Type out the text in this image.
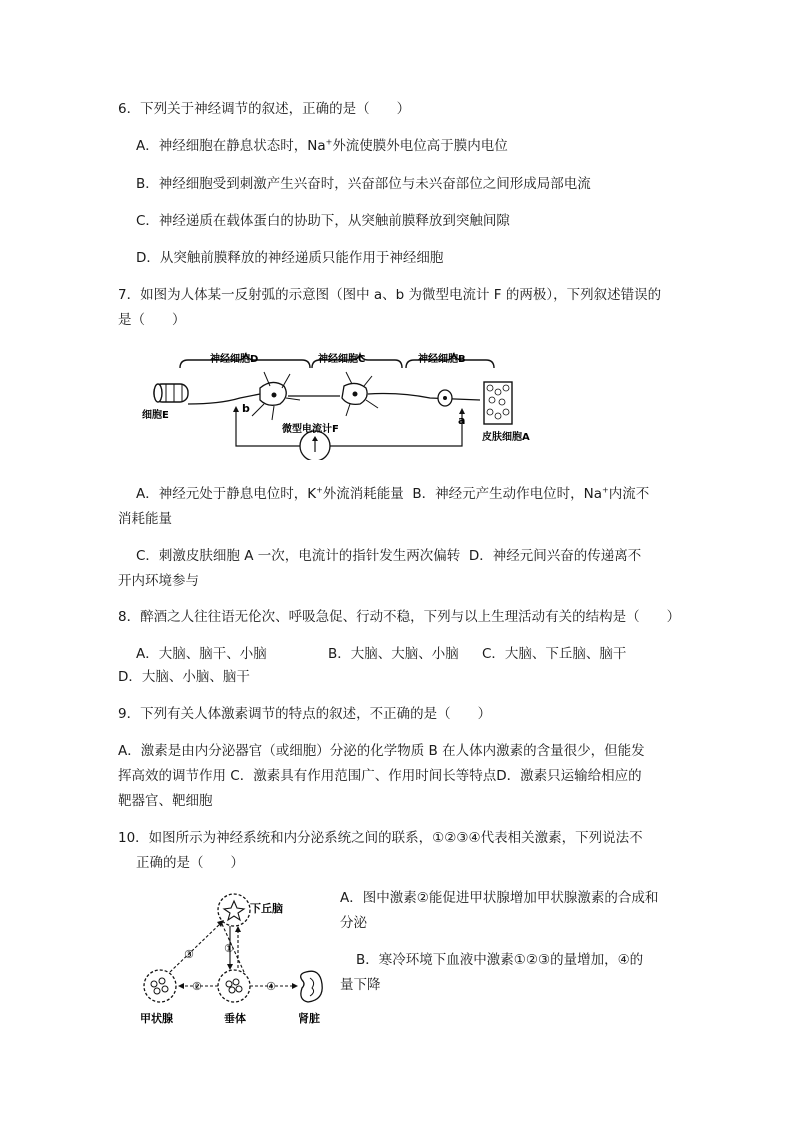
6．下列关于神经调节的叙述，正确的是（　　）
A．神经细胞在静息状态时，Na+外流使膜外电位高于膜内电位
B．神经细胞受到刺激产生兴奋时，兴奋部位与未兴奋部位之间形成局部电流
C．神经递质在载体蛋白的协助下，从突触前膜释放到突触间隙
D．从突触前膜释放的神经递质只能作用于神经细胞
7．如图为人体某一反射弧的示意图（图中 a、b 为微型电流计 F 的两极），下列叙述错误的
是（　　）
神经细胞D	神经细胞C	神经细胞B
细胞E
皮肤细胞A
b
a
微型电流计F
A．神经元处于静息电位时，K+外流消耗能量 B．神经元产生动作电位时，Na+内流不
消耗能量
C．刺激皮肤细胞 A 一次，电流计的指针发生两次偏转 D．神经元间兴奋的传递离不
开内环境参与
8．醉酒之人往往语无伦次、呼吸急促、行动不稳，下列与以上生理活动有关的结构是（　　）
A．大脑、脑干、小脑	B．大脑、大脑、小脑 C．大脑、下丘脑、脑干
D．大脑、小脑、脑干
9．下列有关人体激素调节的特点的叙述，不正确的是（　　）
A．激素是由内分泌器官（或细胞）分泌的化学物质 B 在人体内激素的含量很少，但能发
挥高效的调节作用 C．激素具有作用范围广、作用时间长等特点D．激素只运输给相应的
靶器官、靶细胞
10．如图所示为神经系统和内分泌系统之间的联系，①②③④代表相关激素，下列说法不
正确的是（　　）
下丘脑
垂体
甲状腺	肾脏
①
②
③
④
A．图中激素②能促进甲状腺增加甲状腺激素的合成和
分泌
B．寒冷环境下血液中激素①②③的量增加，④的
量下降
